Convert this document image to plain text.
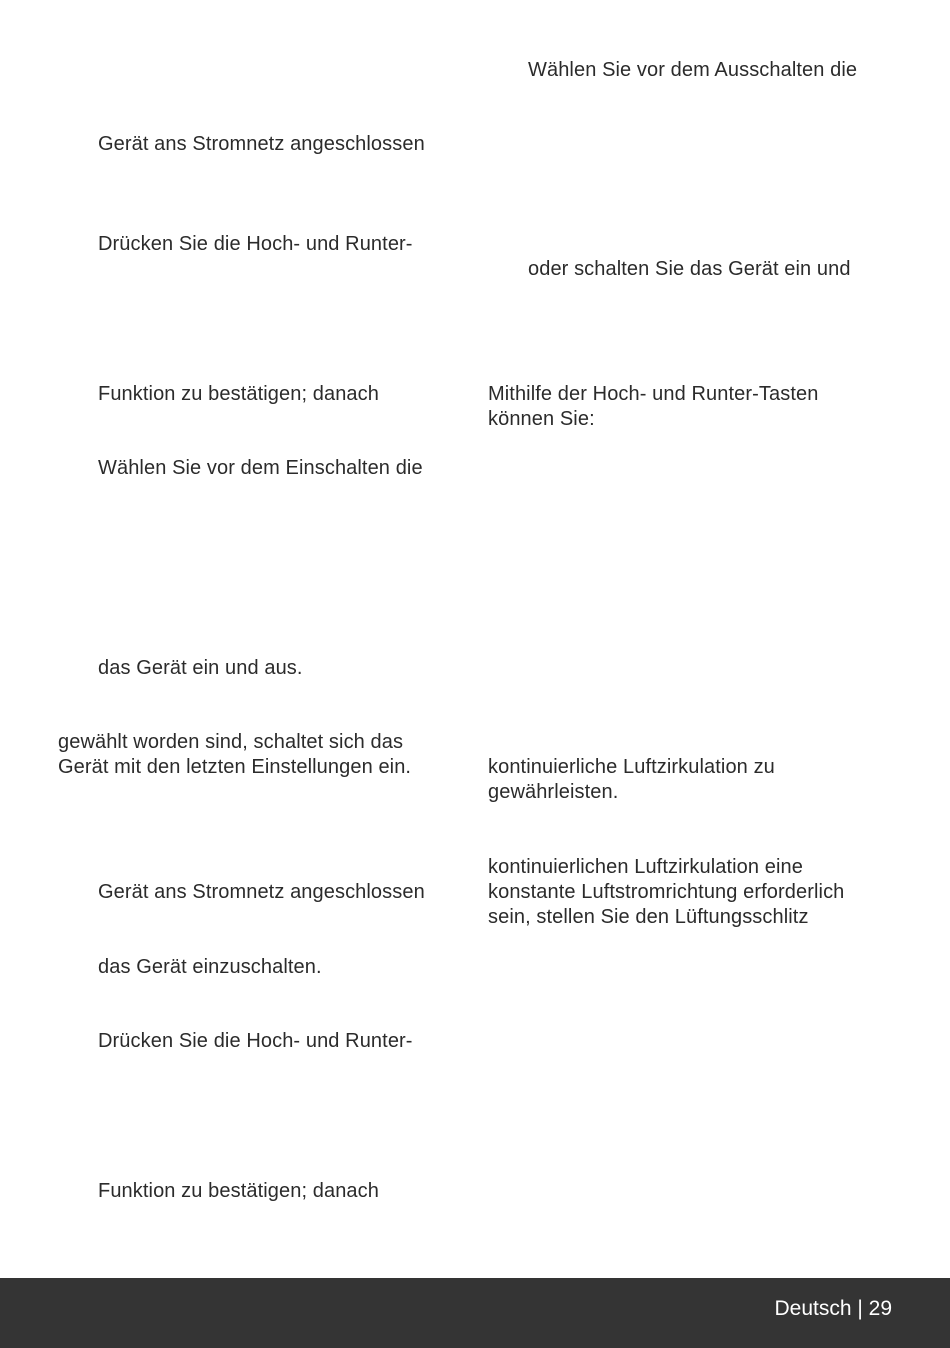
Gerät ans Stromnetz angeschlossen
Drücken Sie die Hoch- und Runter-
Funktion zu bestätigen; danach
Wählen Sie vor dem Einschalten die
das Gerät ein und aus.
gewählt worden sind, schaltet sich das
Gerät mit den letzten Einstellungen ein.
Gerät ans Stromnetz angeschlossen
das Gerät einzuschalten.
Drücken Sie die Hoch- und Runter-
Funktion zu bestätigen; danach
Wählen Sie vor dem Ausschalten die
oder schalten Sie das Gerät ein und
Mithilfe der Hoch- und Runter-Tasten
können Sie:
kontinuierliche Luftzirkulation zu
gewährleisten.
kontinuierlichen Luftzirkulation eine
konstante Luftstromrichtung erforderlich
sein, stellen Sie den Lüftungsschlitz
Deutsch | 29
